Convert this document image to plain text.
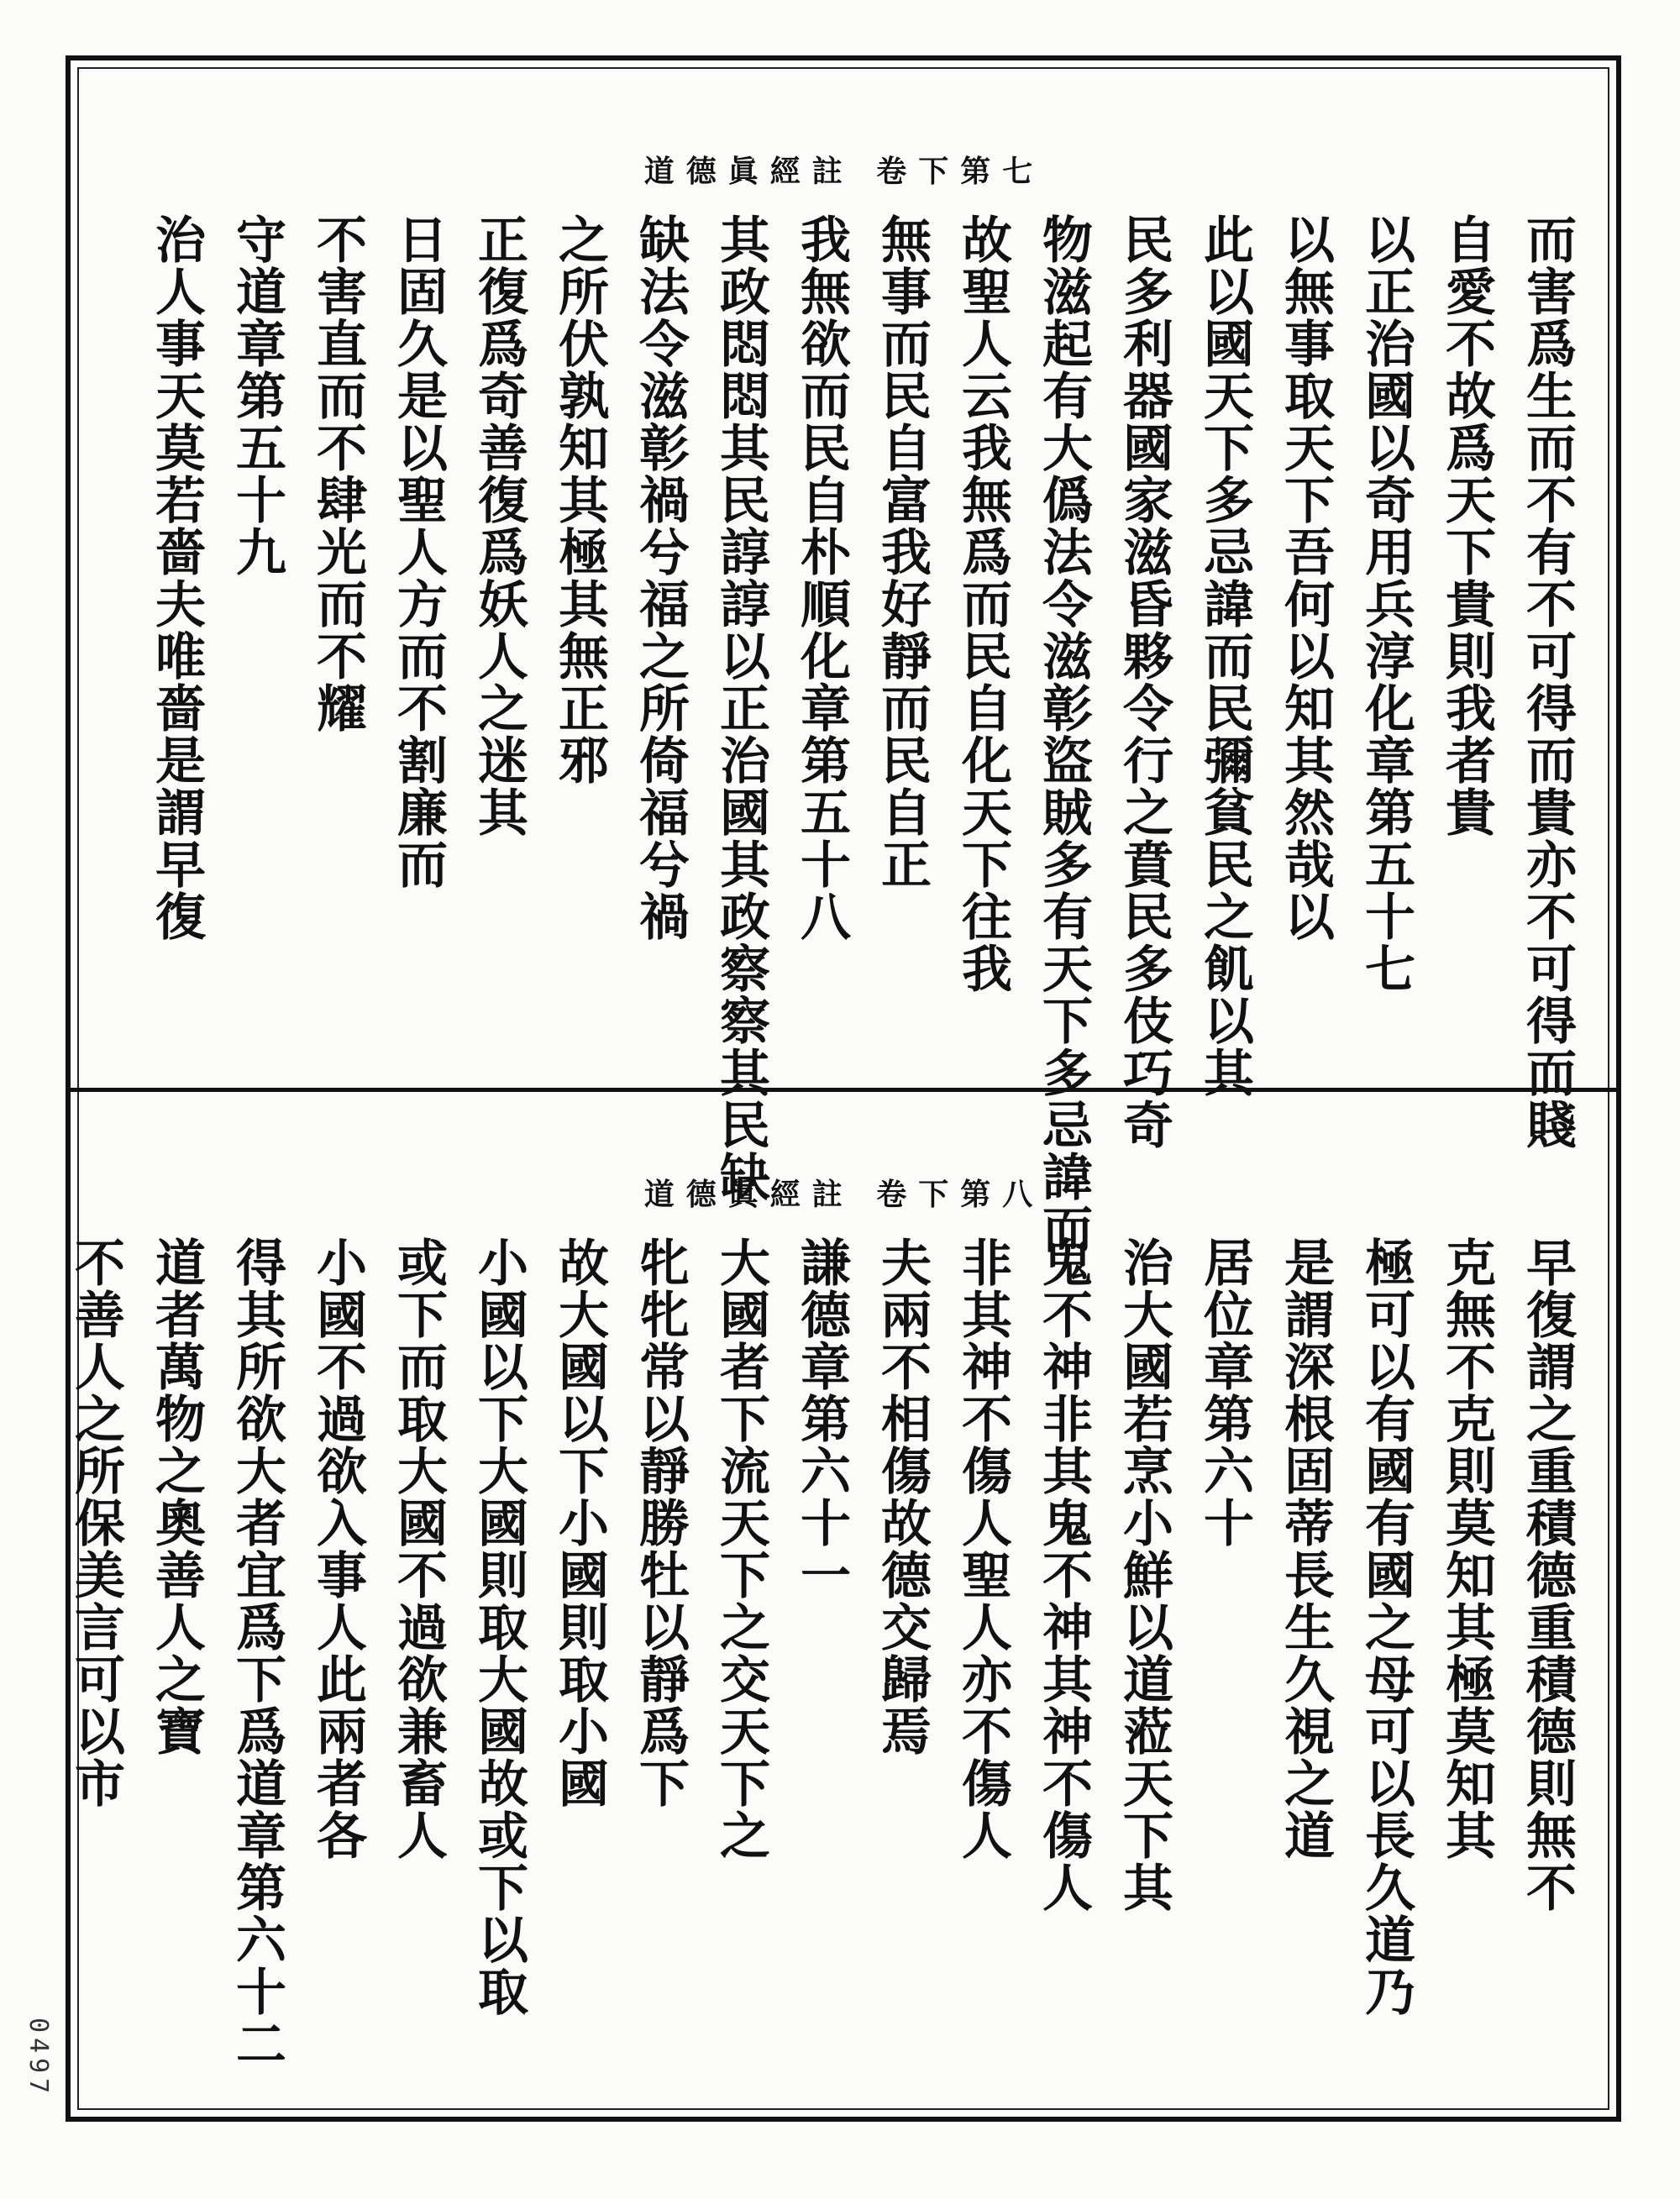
道德眞經註 卷下第七
而害爲生而不有不可得而貴亦不可得而賤自愛不故爲天下貴則我者貴以正治國以奇用兵淳化章第五十七以無事取天下吾何以知其然哉以此以國天下多忌諱而民彌貧民之飢以其民多利器國家滋昏夥令行之賁民多伎巧奇物滋起有大僞法令滋彰盜賊多有天下多忌諱而故聖人云我無爲而民自化天下往我無事而民自富我好靜而民自正我無欲而民自朴順化章第五十八其政悶悶其民諄諄以正治國其政察察其民缺缺法令滋彰禍兮福之所倚福兮禍之所伏孰知其極其無正邪正復爲奇善復爲妖人之迷其日固久是以聖人方而不割廉而不害直而不肆光而不耀守道章第五十九治人事天莫若嗇夫唯嗇是謂早復
道德眞經註 卷下第八
早復謂之重積德重積德則無不克無不克則莫知其極莫知其極可以有國有國之母可以長久道乃是謂深根固蒂長生久視之道居位章第六十治大國若烹小鮮以道蒞天下其鬼不神非其鬼不神其神不傷人非其神不傷人聖人亦不傷人夫兩不相傷故德交歸焉謙德章第六十一大國者下流天下之交天下之牝牝常以靜勝牡以靜爲下故大國以下小國則取小國小國以下大國則取大國故或下以取或下而取大國不過欲兼畜人小國不過欲入事人此兩者各得其所欲大者宜爲下爲道章第六十二道者萬物之奧善人之寶不善人之所保美言可以市
0497
